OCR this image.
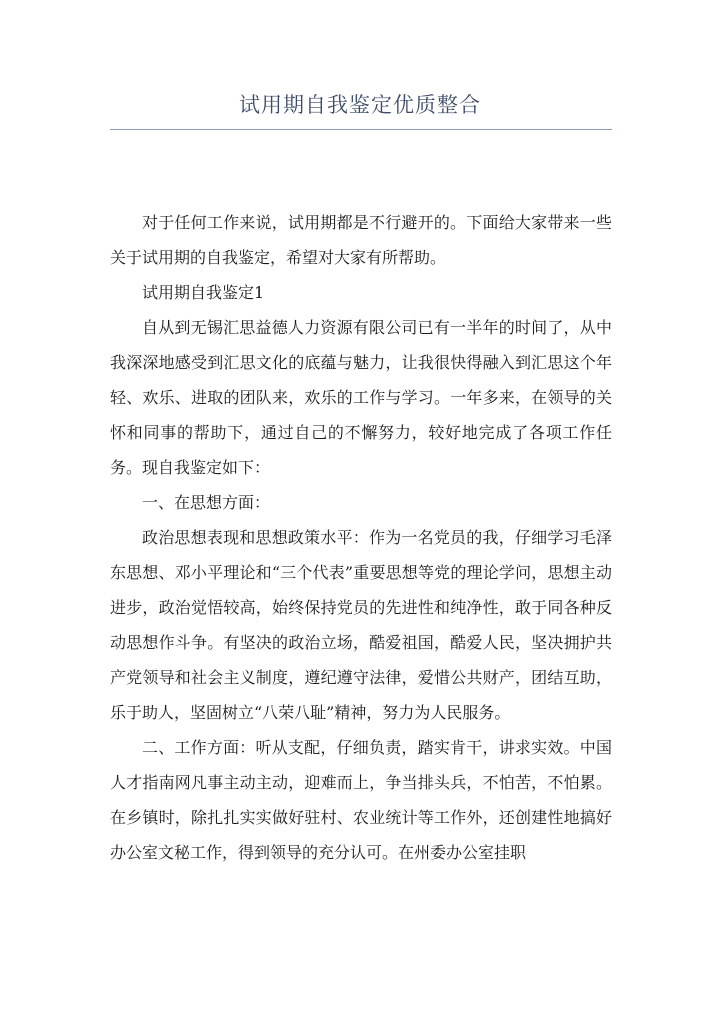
试用期自我鉴定优质整合

对于任何工作来说，试用期都是不行避开的。下面给大家带来一些关于试用期的自我鉴定，希望对大家有所帮助。

试用期自我鉴定1

自从到无锡汇思益德人力资源有限公司已有一半年的时间了，从中我深深地感受到汇思文化的底蕴与魅力，让我很快得融入到汇思这个年轻、欢乐、进取的团队来，欢乐的工作与学习。一年多来，在领导的关怀和同事的帮助下，通过自己的不懈努力，较好地完成了各项工作任务。现自我鉴定如下：

一、在思想方面：

政治思想表现和思想政策水平：作为一名党员的我，仔细学习毛泽东思想、邓小平理论和“三个代表”重要思想等党的理论学问，思想主动进步，政治觉悟较高，始终保持党员的先进性和纯净性，敢于同各种反动思想作斗争。有坚决的政治立场，酷爱祖国，酷爱人民，坚决拥护共产党领导和社会主义制度，遵纪遵守法律，爱惜公共财产，团结互助，乐于助人，坚固树立“八荣八耻”精神，努力为人民服务。

二、工作方面：听从支配，仔细负责，踏实肯干，讲求实效。中国人才指南网凡事主动主动，迎难而上，争当排头兵，不怕苦，不怕累。在乡镇时，除扎扎实实做好驻村、农业统计等工作外，还创建性地搞好办公室文秘工作，得到领导的充分认可。在州委办公室挂职
